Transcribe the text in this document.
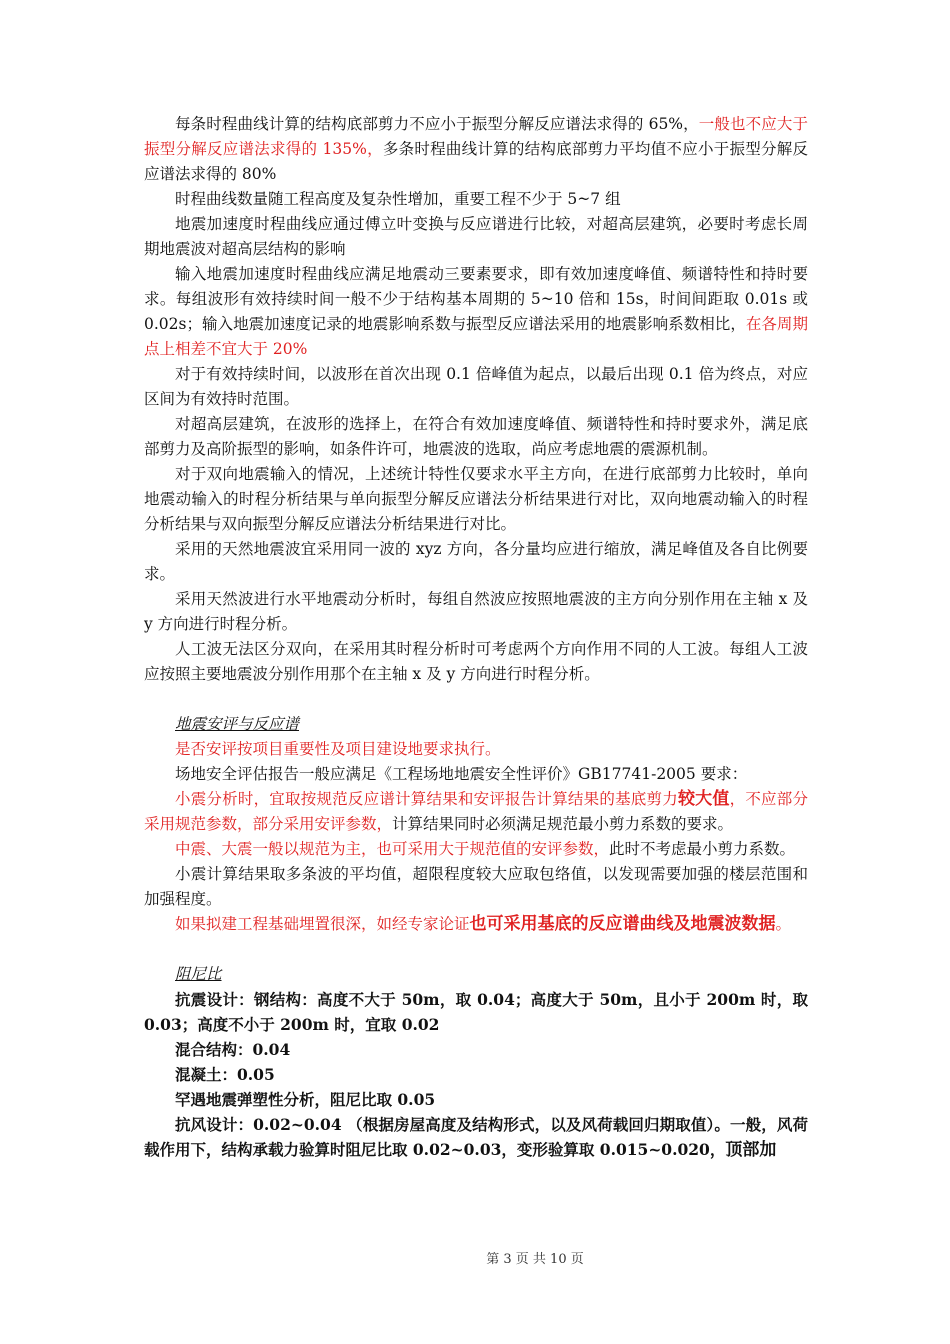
每条时程曲线计算的结构底部剪力不应小于振型分解反应谱法求得的 65%，一般也不应大于振型分解反应谱法求得的 135%，多条时程曲线计算的结构底部剪力平均值不应小于振型分解反应谱法求得的 80%

时程曲线数量随工程高度及复杂性增加，重要工程不少于 5~7 组

地震加速度时程曲线应通过傅立叶变换与反应谱进行比较，对超高层建筑，必要时考虑长周期地震波对超高层结构的影响

输入地震加速度时程曲线应满足地震动三要素要求，即有效加速度峰值、频谱特性和持时要求。每组波形有效持续时间一般不少于结构基本周期的 5~10 倍和 15s，时间间距取 0.01s 或 0.02s；输入地震加速度记录的地震影响系数与振型反应谱法采用的地震影响系数相比，在各周期点上相差不宜大于 20%

对于有效持续时间，以波形在首次出现 0.1 倍峰值为起点，以最后出现 0.1 倍为终点，对应区间为有效持时范围。

对超高层建筑，在波形的选择上，在符合有效加速度峰值、频谱特性和持时要求外，满足底部剪力及高阶振型的影响，如条件许可，地震波的选取，尚应考虑地震的震源机制。

对于双向地震输入的情况，上述统计特性仅要求水平主方向，在进行底部剪力比较时，单向地震动输入的时程分析结果与单向振型分解反应谱法分析结果进行对比，双向地震动输入的时程分析结果与双向振型分解反应谱法分析结果进行对比。

采用的天然地震波宜采用同一波的 xyz 方向，各分量均应进行缩放，满足峰值及各自比例要求。

采用天然波进行水平地震动分析时，每组自然波应按照地震波的主方向分别作用在主轴 x 及 y 方向进行时程分析。

人工波无法区分双向，在采用其时程分析时可考虑两个方向作用不同的人工波。每组人工波应按照主要地震波分别作用那个在主轴 x 及 y 方向进行时程分析。

地震安评与反应谱

是否安评按项目重要性及项目建设地要求执行。

场地安全评估报告一般应满足《工程场地地震安全性评价》GB17741-2005 要求：

小震分析时，宜取按规范反应谱计算结果和安评报告计算结果的基底剪力较大值，不应部分采用规范参数，部分采用安评参数，计算结果同时必须满足规范最小剪力系数的要求。

中震、大震一般以规范为主，也可采用大于规范值的安评参数，此时不考虑最小剪力系数。

小震计算结果取多条波的平均值，超限程度较大应取包络值，以发现需要加强的楼层范围和加强程度。

如果拟建工程基础埋置很深，如经专家论证也可采用基底的反应谱曲线及地震波数据。

阻尼比

抗震设计：钢结构：高度不大于 50m，取 0.04；高度大于 50m，且小于 200m 时，取 0.03；高度不小于 200m 时，宜取 0.02

混合结构：0.04

混凝土：0.05

罕遇地震弹塑性分析，阻尼比取 0.05

抗风设计：0.02~0.04 （根据房屋高度及结构形式，以及风荷载回归期取值）。一般，风荷载作用下，结构承载力验算时阻尼比取 0.02~0.03，变形验算取 0.015~0.020，顶部加

第 3 页 共 10 页
